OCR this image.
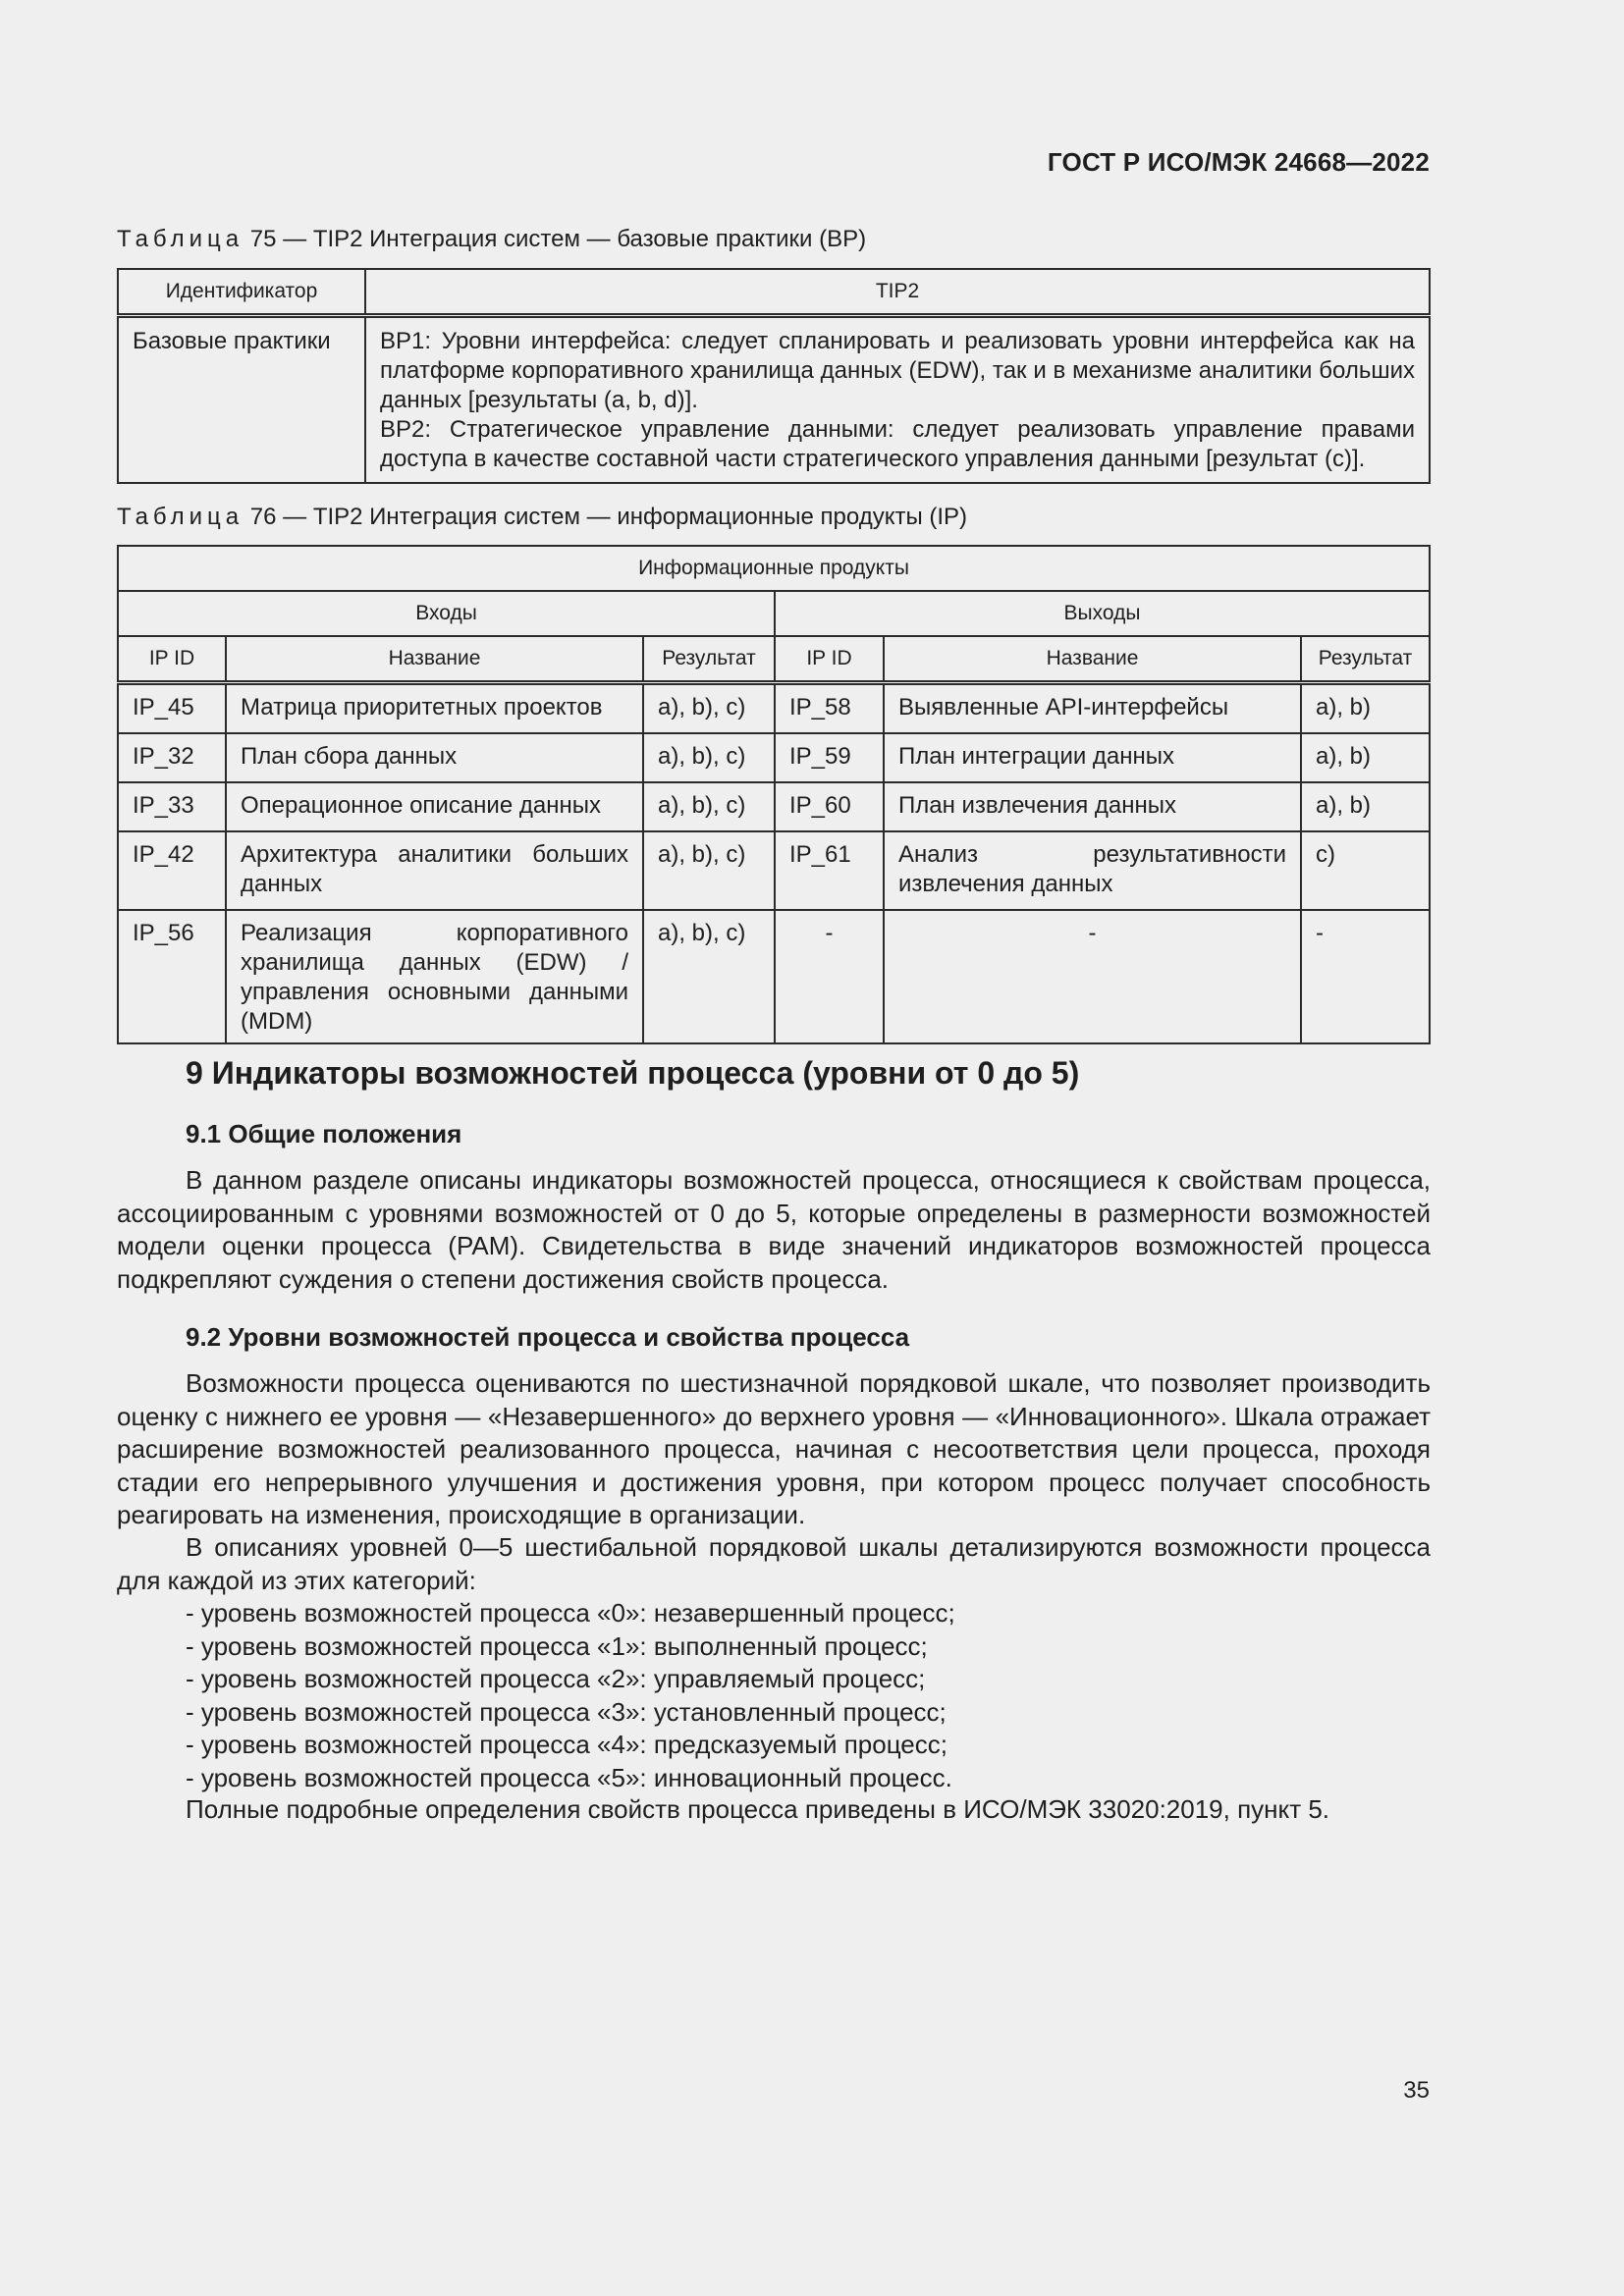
ГОСТ Р ИСО/МЭК 24668—2022
Таблица 75 — TIP2 Интеграция систем — базовые практики (BP)
Идентификатор	TIP2
Базовые практики	BP1: Уровни интерфейса: следует спланировать и реализовать уровни интерфейса как на платформе корпоративного хранилища данных (EDW), так и в механизме аналитики больших данных [результаты (a, b, d)].
BP2: Стратегическое управление данными: следует реализовать управление правами доступа в качестве составной части стратегического управления данными [результат (c)].
Таблица 76 — TIP2 Интеграция систем — информационные продукты (IP)
Информационные продукты					
Входы			Выходы		
IP ID	Название	Результат	IP ID	Название	Результат
IP_45	Матрица приоритетных проектов	a), b), c)	IP_58	Выявленные API-интерфейсы	a), b)
IP_32	План сбора данных	a), b), c)	IP_59	План интеграции данных	a), b)
IP_33	Операционное описание данных	a), b), c)	IP_60	План извлечения данных	a), b)
IP_42	Архитектура аналитики больших данных	a), b), c)	IP_61	Анализ результативности извлечения данных	c)
IP_56	Реализация корпоративного хранилища данных (EDW) / управления основными данными (MDM)	a), b), c)	-	-	-
9 Индикаторы возможностей процесса (уровни от 0 до 5)
9.1 Общие положения

В данном разделе описаны индикаторы возможностей процесса, относящиеся к свойствам процесса, ассоциированным с уровнями возможностей от 0 до 5, которые определены в размерности возможностей модели оценки процесса (PAM). Свидетельства в виде значений индикаторов возможностей процесса подкрепляют суждения о степени достижения свойств процесса.

9.2 Уровни возможностей процесса и свойства процесса

Возможности процесса оцениваются по шестизначной порядковой шкале, что позволяет производить оценку с нижнего ее уровня — «Незавершенного» до верхнего уровня — «Инновационного». Шкала отражает расширение возможностей реализованного процесса, начиная с несоответствия цели процесса, проходя стадии его непрерывного улучшения и достижения уровня, при котором процесс получает способность реагировать на изменения, происходящие в организации.

В описаниях уровней 0—5 шестибальной порядковой шкалы детализируются возможности процесса для каждой из этих категорий:

- уровень возможностей процесса «0»: незавершенный процесс;
- уровень возможностей процесса «1»: выполненный процесс;
- уровень возможностей процесса «2»: управляемый процесс;
- уровень возможностей процесса «3»: установленный процесс;
- уровень возможностей процесса «4»: предсказуемый процесс;
- уровень возможностей процесса «5»: инновационный процесс.

Полные подробные определения свойств процесса приведены в ИСО/МЭК 33020:2019, пункт 5.

35
